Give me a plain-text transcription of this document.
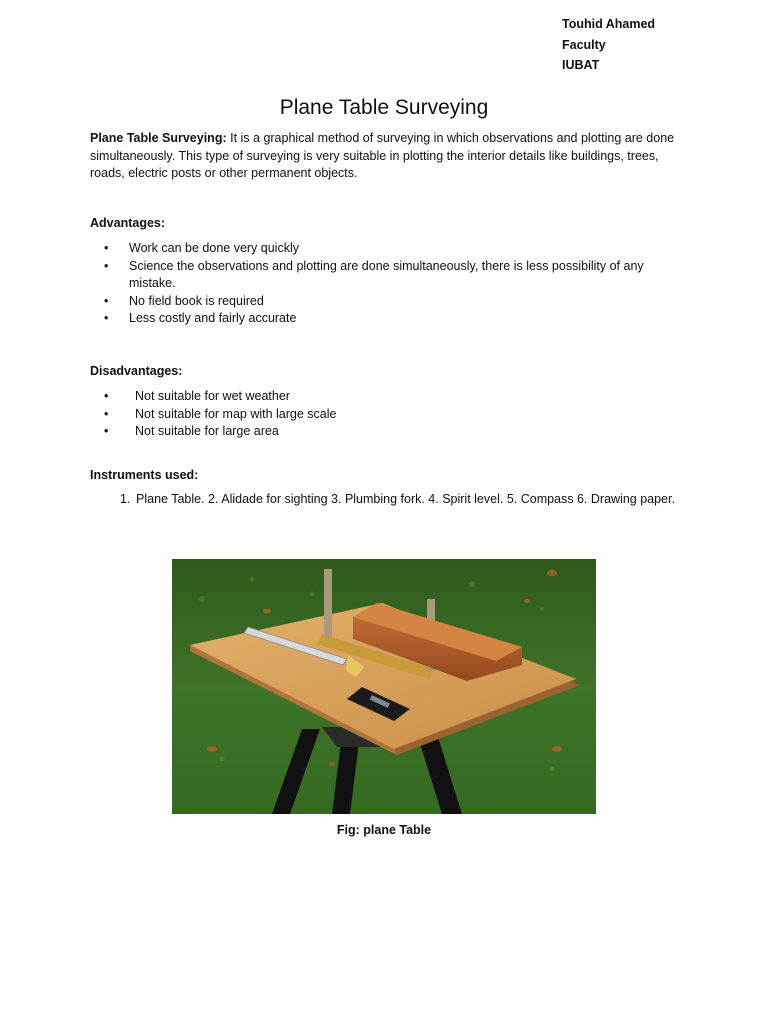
Touhid Ahamed
Faculty
IUBAT
Plane Table Surveying
Plane Table Surveying: It is a graphical method of surveying in which observations and plotting are done simultaneously. This type of surveying is very suitable in plotting the interior details like buildings, trees, roads, electric posts or other permanent objects.
Advantages:
•	Work can be done very quickly
•	Science the observations and plotting are done simultaneously, there is less possibility of any mistake.
•	No field book is required
•	Less costly and fairly accurate
Disadvantages:
•	Not suitable for wet weather
•	Not suitable for map with large scale
•	Not suitable for large area
Instruments used:
1. Plane Table. 2. Alidade for sighting 3. Plumbing fork. 4. Spirit level. 5. Compass 6. Drawing paper.
Fig: plane Table
